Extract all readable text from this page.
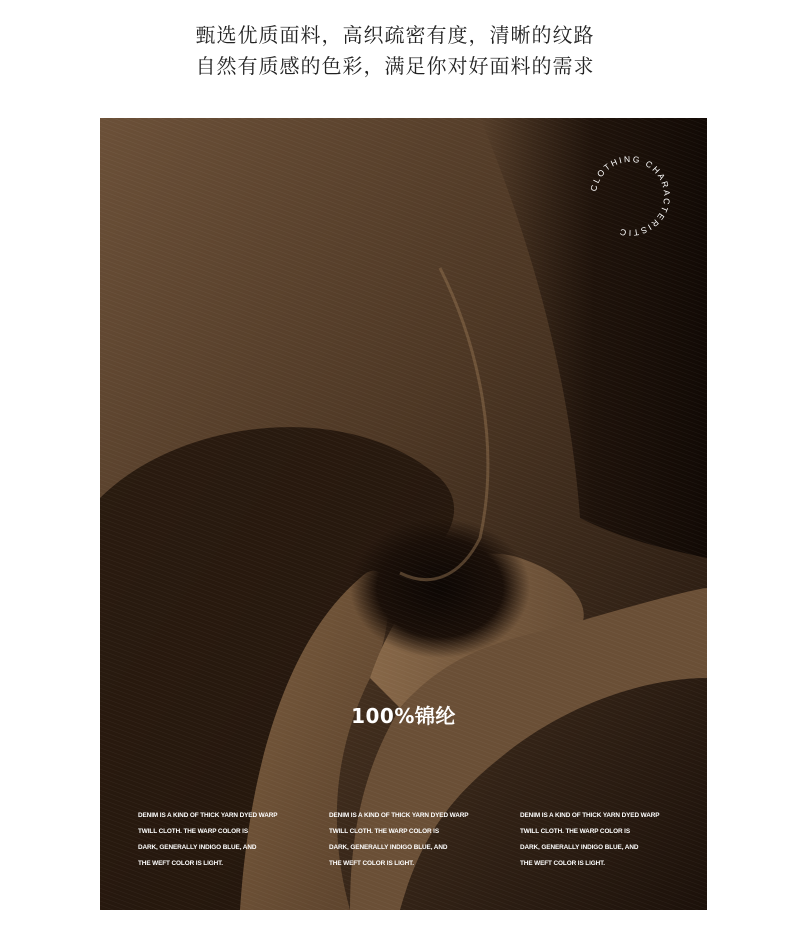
甄选优质面料，高织疏密有度，清晰的纹路
自然有质感的色彩，满足你对好面料的需求
CLOTHING CHARACTERISTIC
100%锦纶
DENIM IS A KIND OF THICK YARN DYED WARP
TWILL CLOTH. THE WARP COLOR IS
DARK, GENERALLY INDIGO BLUE, AND
THE WEFT COLOR IS LIGHT.
DENIM IS A KIND OF THICK YARN DYED WARP
TWILL CLOTH. THE WARP COLOR IS
DARK, GENERALLY INDIGO BLUE, AND
THE WEFT COLOR IS LIGHT.
DENIM IS A KIND OF THICK YARN DYED WARP
TWILL CLOTH. THE WARP COLOR IS
DARK, GENERALLY INDIGO BLUE, AND
THE WEFT COLOR IS LIGHT.
